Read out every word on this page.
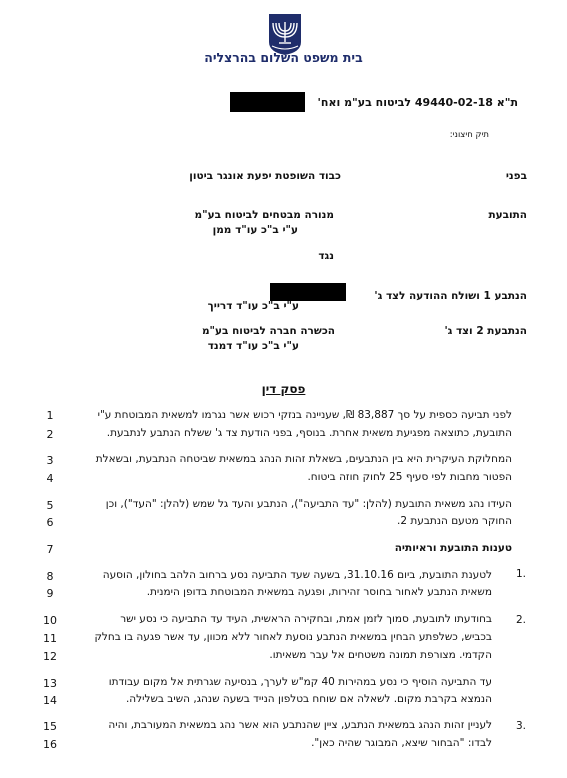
בית משפט השלום בהרצליה
ת"א 49440-02-18 לביטוח בע"מ ואח'
תיק חיצוני:
בפני
כבוד השופטת יפעת אונגר ביטון
התובעת
מנורה מבטחים לביטוח בע"מ
ע"י ב"כ עו"ד ממן
נגד
הנתבע 1 ושולח ההודעה לצד ג'
ע"י ב"כ עו"ד דרייך
הנתבעת 2 וצד ג'
הכשרה חברה לביטוח בע"מ
ע"י ב"כ עו"ד דמנד
פסק דין
1
2
3
4
5
6
7
8
9
10
11
12
13
14
15
16
לפני תביעה כספית על סך 83,887 ₪, שעניינה בנזקי רכוש אשר נגרמו למשאית המבוטחת ע"י
התובעת, כתוצאה מפגיעת משאית אחרת. בנוסף, בפני הודעת צד ג' ששלח הנתבע לנתבעת.
המחלוקת העיקרית היא בין הנתבעים, בשאלת זהות הנהג במשאית שביטחה הנתבעת, ובשאלת
הפטור מחבות לפי סעיף 25 לחוק חוזה ביטוח.
העידו נהג משאית התובעת (להלן: "עד התביעה"), הנתבע והעד גל שמש (להלן: "העד"), וכן
החוקר מטעם הנתבעת 2.
טענות התובעת וראיותיה
1.
לטענת התובעת, ביום 31.10.16, בשעה שעד התביעה נסע ברחוב הלהב בחולון, הוסעה
משאית הנתבע לאחור בחוסר זהירות, ופגעה במשאית המבוטחת בדופן הימנית.
2.
בחודעתו לתובעת, סמוך לזמן אמת, ובחקירה הראשית, העיד עד התביעה כי נסע ישר
בכביש, כשלפתע הבחין במשאית הנתבע נוסעת לאחור ללא מכוון, עד אשר פגעה בו בחלק
הקדמי. מצורפת תמונה משטחים אל עבר משאיתו.
עד התביעה הוסיף כי נסע במהירות 40 קמ"ש לערך, בנסיעה שגרתית אל מקום עבודתו
הנמצא בקרבת מקום. לשאלה אם שוחח בטלפון הנייד בשעה שנהג, השיב בשלילה.
3.
לעניין זהות הנהג במשאית הנתבע, ציין שהנתבע הוא אשר נהג במשאית המעורבת, והיה
לבדו: "הבחור שיצא, המבוגר שהיה כאן".
